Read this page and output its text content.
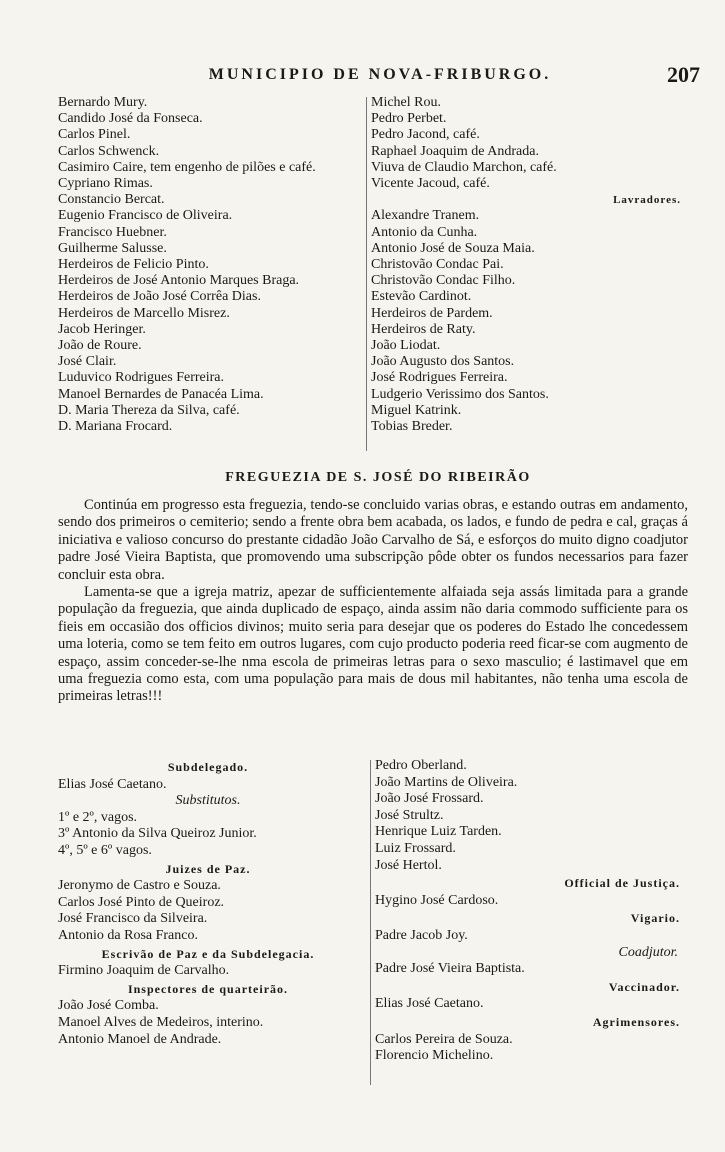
MUNICIPIO DE NOVA-FRIBURGO.	207
Bernardo Mury.
Candido José da Fonseca.
Carlos Pinel.
Carlos Schwenck.
Casimiro Caire, tem engenho de pilões e café.
Cypriano Rimas.
Constancio Bercat.
Eugenio Francisco de Oliveira.
Francisco Huebner.
Guilherme Salusse.
Herdeiros de Felicio Pinto.
Herdeiros de José Antonio Marques Braga.
Herdeiros de João José Corrêa Dias.
Herdeiros de Marcello Misrez.
Jacob Heringer.
João de Roure.
José Clair.
Luduvico Rodrigues Ferreira.
Manoel Bernardes de Panacéa Lima.
D. Maria Thereza da Silva, café.
D. Mariana Frocard.
Michel Rou.
Pedro Perbet.
Pedro Jacond, café.
Raphael Joaquim de Andrada.
Viuva de Claudio Marchon, café.
Vicente Jacoud, café.
Lavradores.
Alexandre Tranem.
Antonio da Cunha.
Antonio José de Souza Maia.
Christovão Condac Pai.
Christovão Condac Filho.
Estevão Cardinot.
Herdeiros de Pardem.
Herdeiros de Raty.
João Liodat.
João Augusto dos Santos.
José Rodrigues Ferreira.
Ludgerio Verissimo dos Santos.
Miguel Katrink.
Tobias Breder.
FREGUEZIA DE S. JOSÉ DO RIBEIRÃO

Continúa em progresso esta freguezia, tendo-se concluido varias obras, e estando outras em andamento, sendo dos primeiros o cemiterio; sendo a frente obra bem acabada, os lados, e fundo de pedra e cal, graças á iniciativa e valioso concurso do prestante cidadão João Carvalho de Sá, e esforços do muito digno coadjutor padre José Vieira Baptista, que promovendo uma subscripção pôde obter os fundos necessarios para fazer concluir esta obra.

Lamenta-se que a igreja matriz, apezar de sufficientemente alfaiada seja assás limitada para a grande população da freguezia, que ainda duplicado de espaço, ainda assim não daria commodo sufficiente para os fieis em occasião dos officios divinos; muito seria para desejar que os poderes do Estado lhe concedessem uma loteria, como se tem feito em outros lugares, com cujo producto poderia reed ficar-se com augmento de espaço, assim conceder-se-lhe nma escola de primeiras letras para o sexo masculio; é lastimavel que em uma freguezia como esta, com uma população para mais de dous mil habitantes, não tenha uma escola de primeiras letras!!!

Subdelegado.
Elias José Caetano.
Substitutos.
1º e 2º, vagos.
3º Antonio da Silva Queiroz Junior.
4º, 5º e 6º vagos.
Juizes de Paz.
Jeronymo de Castro e Souza.
Carlos José Pinto de Queiroz.
José Francisco da Silveira.
Antonio da Rosa Franco.
Escrivão de Paz e da Subdelegacia.
Firmino Joaquim de Carvalho.
Inspectores de quarteirão.
João José Comba.
Manoel Alves de Medeiros, interino.
Antonio Manoel de Andrade.
Pedro Oberland.
João Martins de Oliveira.
João José Frossard.
José Strultz.
Henrique Luiz Tarden.
Luiz Frossard.
José Hertol.
Official de Justiça.
Hygino José Cardoso.
Vigario.
Padre Jacob Joy.
Coadjutor.
Padre José Vieira Baptista.
Vaccinador.
Elias José Caetano.
Agrimensores.
Carlos Pereira de Souza.
Florencio Michelino.
